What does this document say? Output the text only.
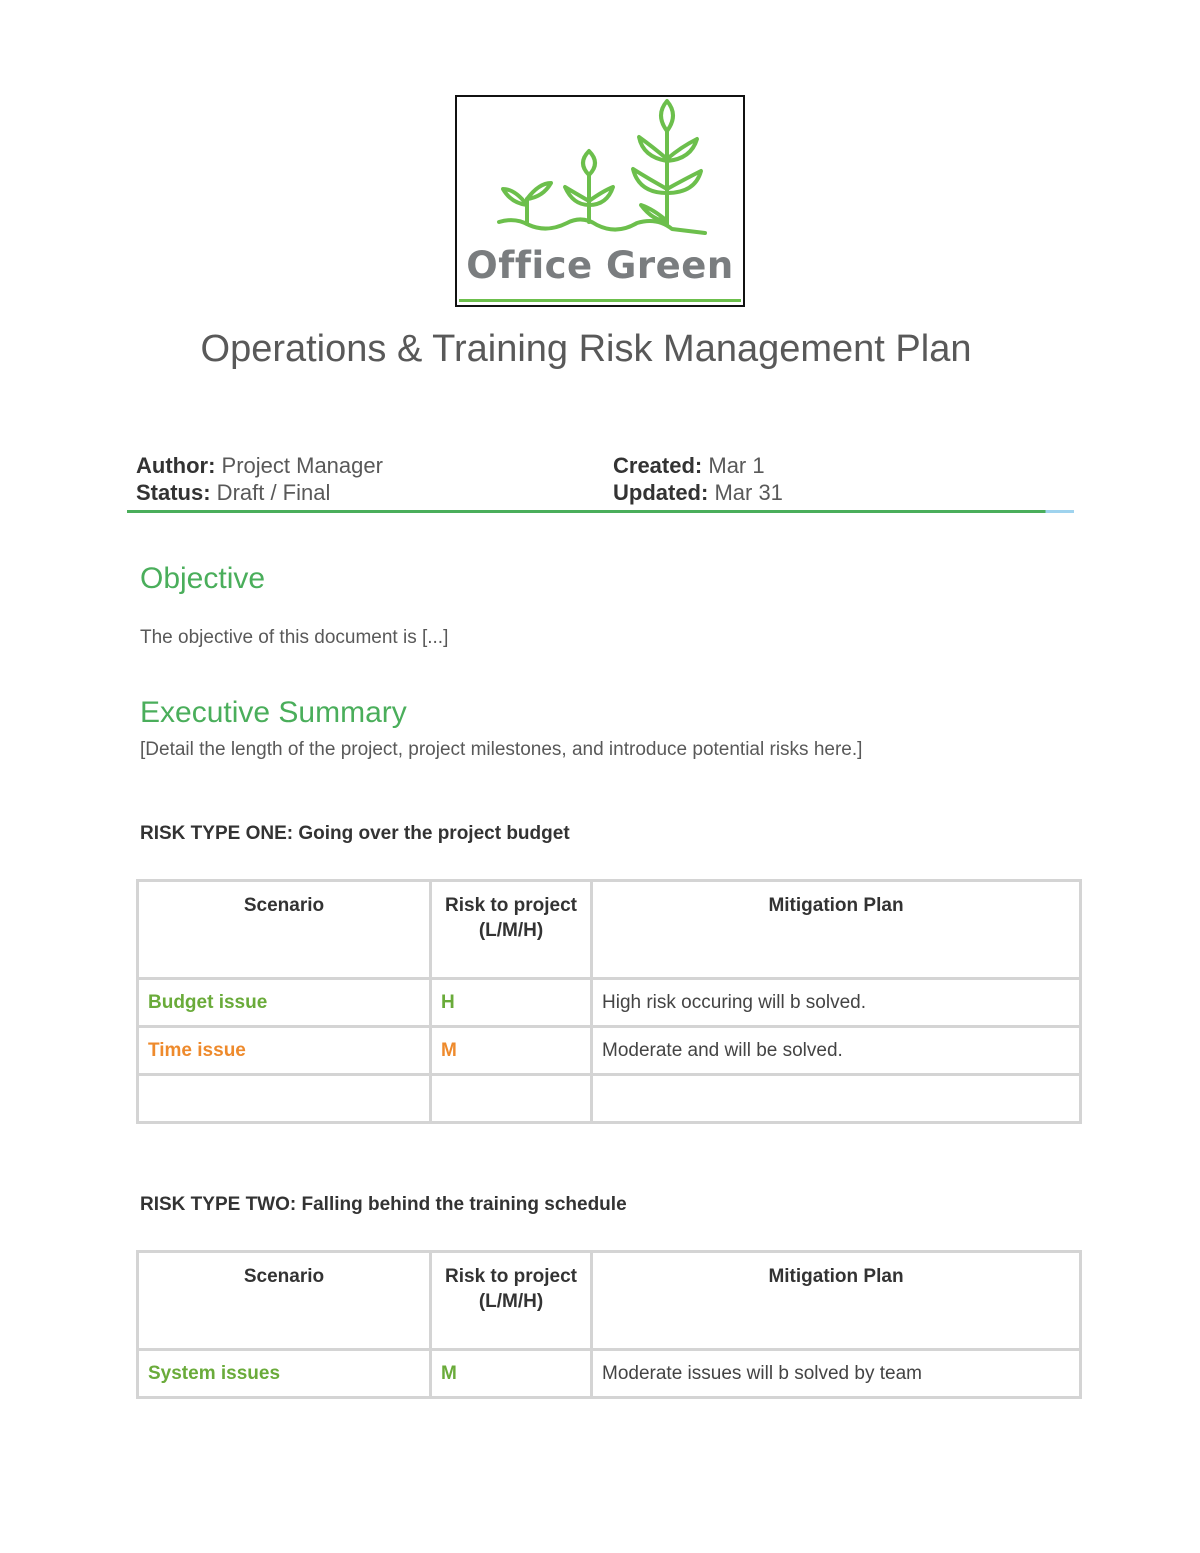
Office Green
Operations & Training Risk Management Plan
Author: Project Manager
Status: Draft / Final
Created: Mar 1
Updated: Mar 31
Objective
The objective of this document is [...]
Executive Summary
[Detail the length of the project, project milestones, and introduce potential risks here.]
RISK TYPE ONE: Going over the project budget
Scenario	Risk to project (L/M/H)	Mitigation Plan
Budget issue	H	High risk occuring will b solved.
Time issue	M	Moderate and will be solved.

RISK TYPE TWO: Falling behind the training schedule
Scenario	Risk to project (L/M/H)	Mitigation Plan
System issues	M	Moderate issues will b solved by team
